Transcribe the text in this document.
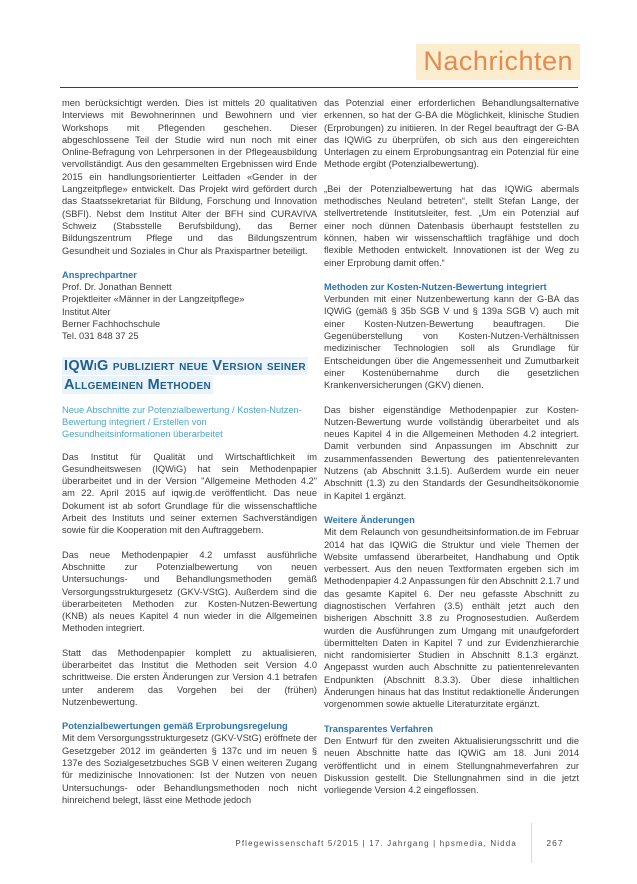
Nachrichten

men berücksichtigt werden. Dies ist mittels 20 qualitativen Interviews mit Bewohnerinnen und Bewohnern und vier Workshops mit Pflegenden geschehen. Dieser abgeschlossene Teil der Studie wird nun noch mit einer Online-Befragung von Lehrpersonen in der Pflegeausbildung vervollständigt. Aus den gesammelten Ergebnissen wird Ende 2015 ein handlungsorientierter Leitfaden «Gender in der Langzeitpflege» entwickelt. Das Projekt wird gefördert durch das Staatssekretariat für Bildung, Forschung und Innovation (SBFI). Nebst dem Institut Alter der BFH sind CURAVIVA Schweiz (Stabsstelle Berufsbildung), das Berner Bildungszentrum Pflege und das Bildungszentrum Gesundheit und Soziales in Chur als Praxispartner beteiligt.

Ansprechpartner
Prof. Dr. Jonathan Bennett
Projektleiter «Männer in der Langzeitpflege»
Institut Alter
Berner Fachhochschule
Tel. 031 848 37 25
IQWiG publiziert neue Version seiner Allgemeinen Methoden
Neue Abschnitte zur Potenzialbewertung / Kosten-Nutzen-Bewertung integriert / Erstellen von Gesundheitsinformationen überarbeitet

Das Institut für Qualität und Wirtschaftlichkeit im Gesundheitswesen (IQWiG) hat sein Methodenpapier überarbeitet und in der Version "Allgemeine Methoden 4.2" am 22. April 2015 auf iqwig.de veröffentlicht. Das neue Dokument ist ab sofort Grundlage für die wissenschaftliche Arbeit des Instituts und seiner externen Sachverständigen sowie für die Kooperation mit den Auftraggebern.

Das neue Methodenpapier 4.2 umfasst ausführliche Abschnitte zur Potenzialbewertung von neuen Untersuchungs- und Behandlungsmethoden gemäß Versorgungsstrukturgesetz (GKV-VStG). Außerdem sind die überarbeiteten Methoden zur Kosten-Nutzen-Bewertung (KNB) als neues Kapitel 4 nun wieder in die Allgemeinen Methoden integriert.

Statt das Methodenpapier komplett zu aktualisieren, überarbeitet das Institut die Methoden seit Version 4.0 schrittweise. Die ersten Änderungen zur Version 4.1 betrafen unter anderem das Vorgehen bei der (frühen) Nutzenbewertung.

Potenzialbewertungen gemäß Erprobungsregelung

Mit dem Versorgungsstrukturgesetz (GKV-VStG) eröffnete der Gesetzgeber 2012 im geänderten § 137c und im neuen § 137e des Sozialgesetzbuches SGB V einen weiteren Zugang für medizinische Innovationen: Ist der Nutzen von neuen Untersuchungs- oder Behandlungsmethoden noch nicht hinreichend belegt, lässt eine Methode jedoch

das Potenzial einer erforderlichen Behandlungsalternative erkennen, so hat der G-BA die Möglichkeit, klinische Studien (Erprobungen) zu initiieren. In der Regel beauftragt der G-BA das IQWiG zu überprüfen, ob sich aus den eingereichten Unterlagen zu einem Erprobungsantrag ein Potenzial für eine Methode ergibt (Potenzialbewertung).

„Bei der Potenzialbewertung hat das IQWiG abermals methodisches Neuland betreten“, stellt Stefan Lange, der stellvertretende Institutsleiter, fest. „Um ein Potenzial auf einer noch dünnen Datenbasis überhaupt feststellen zu können, haben wir wissenschaftlich tragfähige und doch flexible Methoden entwickelt. Innovationen ist der Weg zu einer Erprobung damit offen.“

Methoden zur Kosten-Nutzen-Bewertung integriert

Verbunden mit einer Nutzenbewertung kann der G-BA das IQWiG (gemäß § 35b SGB V und § 139a SGB V) auch mit einer Kosten-Nutzen-Bewertung beauftragen. Die Gegenüberstellung von Kosten-Nutzen-Verhältnissen medizinischer Technologien soll als Grundlage für Entscheidungen über die Angemessenheit und Zumutbarkeit einer Kostenübernahme durch die gesetzlichen Krankenversicherungen (GKV) dienen.

Das bisher eigenständige Methodenpapier zur Kosten-Nutzen-Bewertung wurde vollständig überarbeitet und als neues Kapitel 4 in die Allgemeinen Methoden 4.2 integriert. Damit verbunden sind Anpassungen im Abschnitt zur zusammenfassenden Bewertung des patientenrelevanten Nutzens (ab Abschnitt 3.1.5). Außerdem wurde ein neuer Abschnitt (1.3) zu den Standards der Gesundheitsökonomie in Kapitel 1 ergänzt.

Weitere Änderungen

Mit dem Relaunch von gesundheitsinformation.de im Februar 2014 hat das IQWiG die Struktur und viele Themen der Website umfassend überarbeitet, Handhabung und Optik verbessert. Aus den neuen Textformaten ergeben sich im Methodenpapier 4.2 Anpassungen für den Abschnitt 2.1.7 und das gesamte Kapitel 6. Der neu gefasste Abschnitt zu diagnostischen Verfahren (3.5) enthält jetzt auch den bisherigen Abschnitt 3.8 zu Prognosestudien. Außerdem wurden die Ausführungen zum Umgang mit unaufgefordert übermittelten Daten in Kapitel 7 und zur Evidenzhierarchie nicht randomisierter Studien in Abschnitt 8.1.3 ergänzt. Angepasst wurden auch Abschnitte zu patientenrelevanten Endpunkten (Abschnitt 8.3.3). Über diese inhaltlichen Änderungen hinaus hat das Institut redaktionelle Änderungen vorgenommen sowie aktuelle Literaturzitate ergänzt.

Transparentes Verfahren

Den Entwurf für den zweiten Aktualisierungsschritt und die neuen Abschnitte hatte das IQWiG am 18. Juni 2014 veröffentlicht und in einem Stellungnahmeverfahren zur Diskussion gestellt. Die Stellungnahmen sind in die jetzt vorliegende Version 4.2 eingeflossen.

Pflegewissenschaft 5/2015 | 17. Jahrgang | hpsmedia, Nidda	267
